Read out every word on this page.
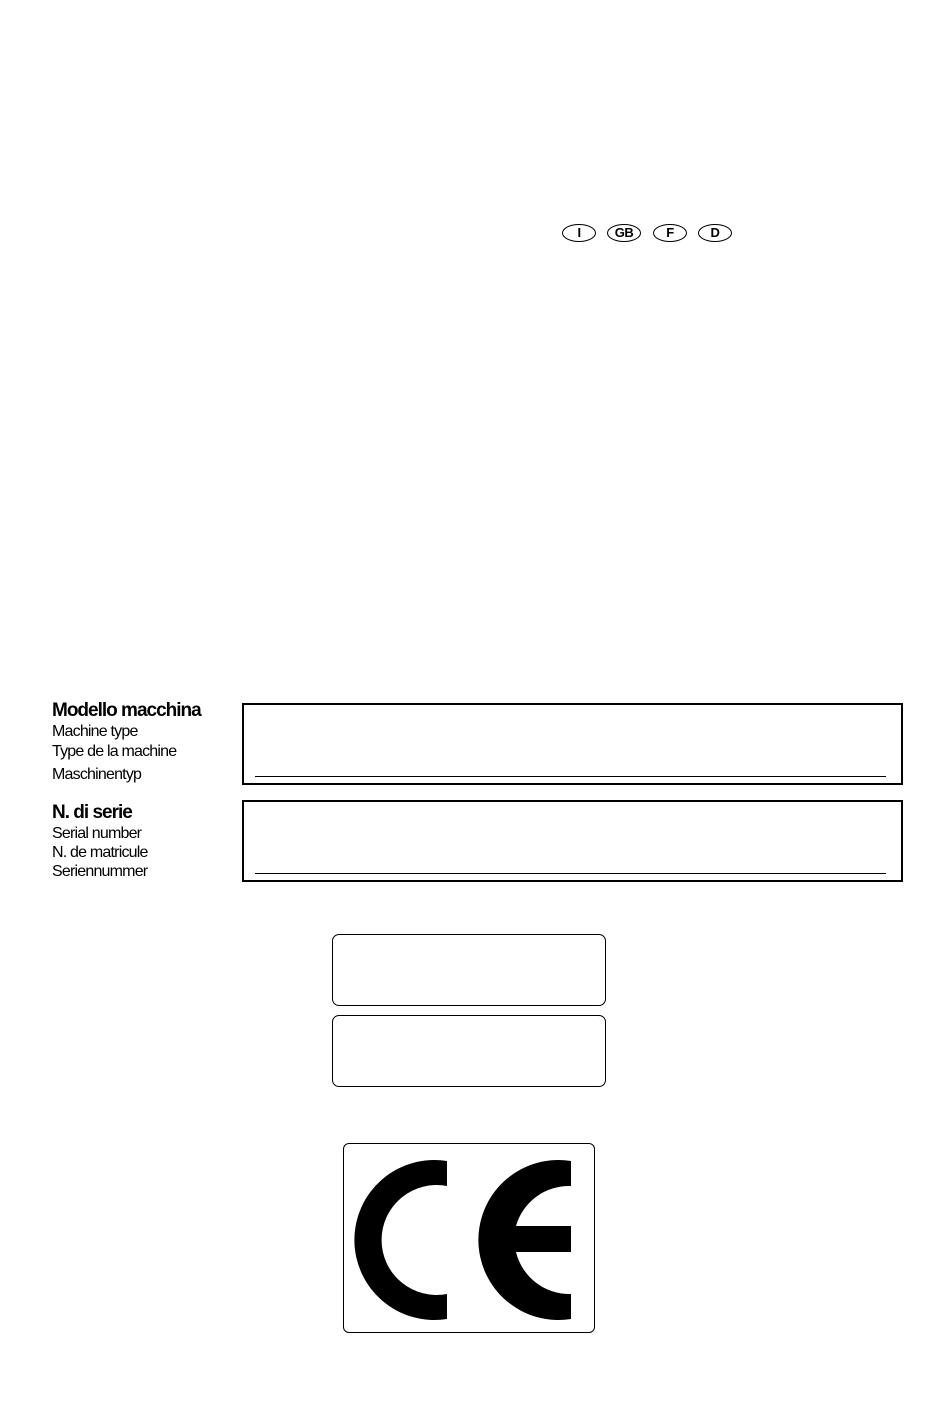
I	GB	F	D
Modello macchina
Machine type
Type de la machine
Maschinentyp
N. di serie
Serial number
N. de matricule
Seriennummer
